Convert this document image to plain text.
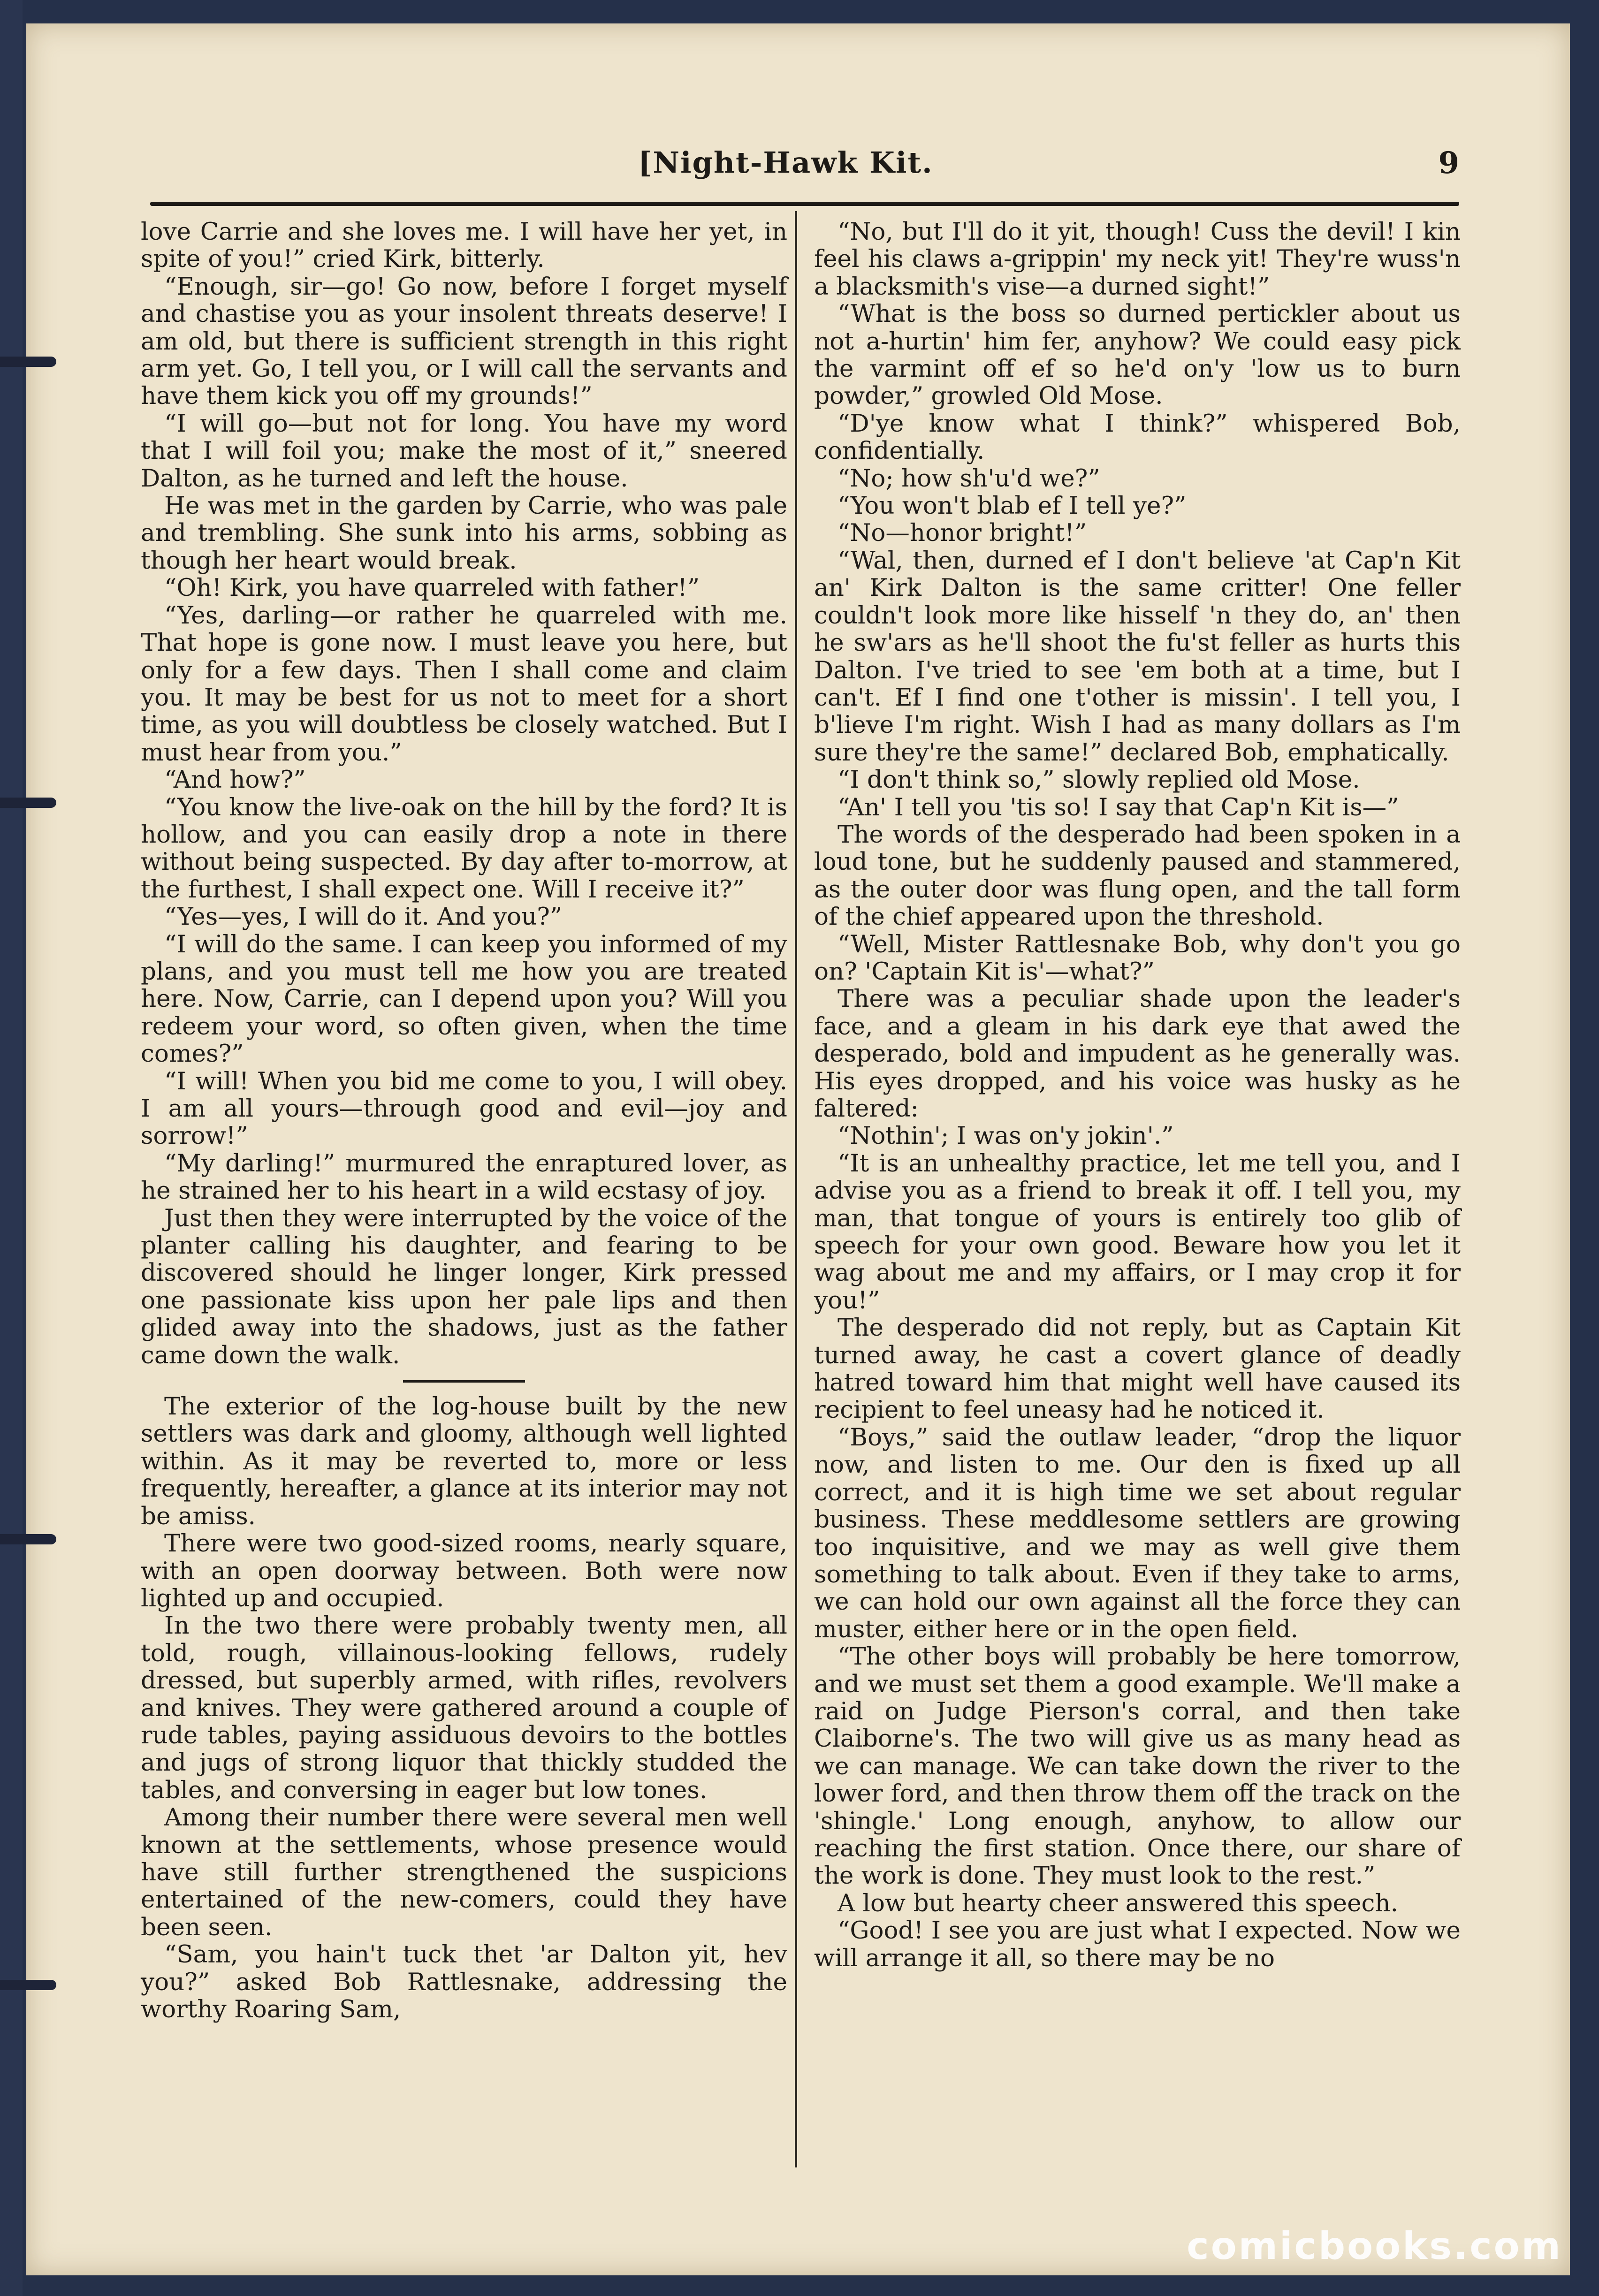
[Night-Hawk Kit.	9

love Carrie and she loves me. I will have her yet, in spite of you!” cried Kirk, bitterly.

“Enough, sir—go! Go now, before I forget myself and chastise you as your insolent threats deserve! I am old, but there is sufficient strength in this right arm yet. Go, I tell you, or I will call the servants and have them kick you off my grounds!”

“I will go—but not for long. You have my word that I will foil you; make the most of it,” sneered Dalton, as he turned and left the house.

He was met in the garden by Carrie, who was pale and trembling. She sunk into his arms, sobbing as though her heart would break.

“Oh! Kirk, you have quarreled with father!”

“Yes, darling—or rather he quarreled with me. That hope is gone now. I must leave you here, but only for a few days. Then I shall come and claim you. It may be best for us not to meet for a short time, as you will doubtless be closely watched. But I must hear from you.”

“And how?”

“You know the live-oak on the hill by the ford? It is hollow, and you can easily drop a note in there without being suspected. By day after to-morrow, at the furthest, I shall expect one. Will I receive it?”

“Yes—yes, I will do it. And you?”

“I will do the same. I can keep you informed of my plans, and you must tell me how you are treated here. Now, Carrie, can I depend upon you? Will you redeem your word, so often given, when the time comes?”

“I will! When you bid me come to you, I will obey. I am all yours—through good and evil—joy and sorrow!”

“My darling!” murmured the enraptured lover, as he strained her to his heart in a wild ecstasy of joy.

Just then they were interrupted by the voice of the planter calling his daughter, and fearing to be discovered should he linger longer, Kirk pressed one passionate kiss upon her pale lips and then glided away into the shadows, just as the father came down the walk.

The exterior of the log-house built by the new settlers was dark and gloomy, although well lighted within. As it may be reverted to, more or less frequently, hereafter, a glance at its interior may not be amiss.

There were two good-sized rooms, nearly square, with an open doorway between. Both were now lighted up and occupied.

In the two there were probably twenty men, all told, rough, villainous-looking fellows, rudely dressed, but superbly armed, with rifles, revolvers and knives. They were gathered around a couple of rude tables, paying assiduous devoirs to the bottles and jugs of strong liquor that thickly studded the tables, and conversing in eager but low tones.

Among their number there were several men well known at the settlements, whose presence would have still further strengthened the suspicions entertained of the new-comers, could they have been seen.

“Sam, you hain't tuck thet 'ar Dalton yit, hev you?” asked Bob Rattlesnake, addressing the worthy Roaring Sam,

“No, but I'll do it yit, though! Cuss the devil! I kin feel his claws a-grippin' my neck yit! They're wuss'n a blacksmith's vise—a durned sight!”

“What is the boss so durned pertickler about us not a-hurtin' him fer, anyhow? We could easy pick the varmint off ef so he'd on'y 'low us to burn powder,” growled Old Mose.

“D'ye know what I think?” whispered Bob, confidentially.

“No; how sh'u'd we?”

“You won't blab ef I tell ye?”

“No—honor bright!”

“Wal, then, durned ef I don't believe 'at Cap'n Kit an' Kirk Dalton is the same critter! One feller couldn't look more like hisself 'n they do, an' then he sw'ars as he'll shoot the fu'st feller as hurts this Dalton. I've tried to see 'em both at a time, but I can't. Ef I find one t'other is missin'. I tell you, I b'lieve I'm right. Wish I had as many dollars as I'm sure they're the same!” declared Bob, emphatically.

“I don't think so,” slowly replied old Mose.

“An' I tell you 'tis so! I say that Cap'n Kit is—”

The words of the desperado had been spoken in a loud tone, but he suddenly paused and stammered, as the outer door was flung open, and the tall form of the chief appeared upon the threshold.

“Well, Mister Rattlesnake Bob, why don't you go on? 'Captain Kit is'—what?”

There was a peculiar shade upon the leader's face, and a gleam in his dark eye that awed the desperado, bold and impudent as he generally was. His eyes dropped, and his voice was husky as he faltered:

“Nothin'; I was on'y jokin'.”

“It is an unhealthy practice, let me tell you, and I advise you as a friend to break it off. I tell you, my man, that tongue of yours is entirely too glib of speech for your own good. Beware how you let it wag about me and my affairs, or I may crop it for you!”

The desperado did not reply, but as Captain Kit turned away, he cast a covert glance of deadly hatred toward him that might well have caused its recipient to feel uneasy had he noticed it.

“Boys,” said the outlaw leader, “drop the liquor now, and listen to me. Our den is fixed up all correct, and it is high time we set about regular business. These meddlesome settlers are growing too inquisitive, and we may as well give them something to talk about. Even if they take to arms, we can hold our own against all the force they can muster, either here or in the open field.

“The other boys will probably be here tomorrow, and we must set them a good example. We'll make a raid on Judge Pierson's corral, and then take Claiborne's. The two will give us as many head as we can manage. We can take down the river to the lower ford, and then throw them off the track on the 'shingle.' Long enough, anyhow, to allow our reaching the first station. Once there, our share of the work is done. They must look to the rest.”

A low but hearty cheer answered this speech.

“Good! I see you are just what I expected. Now we will arrange it all, so there may be no

comicbooks.com
